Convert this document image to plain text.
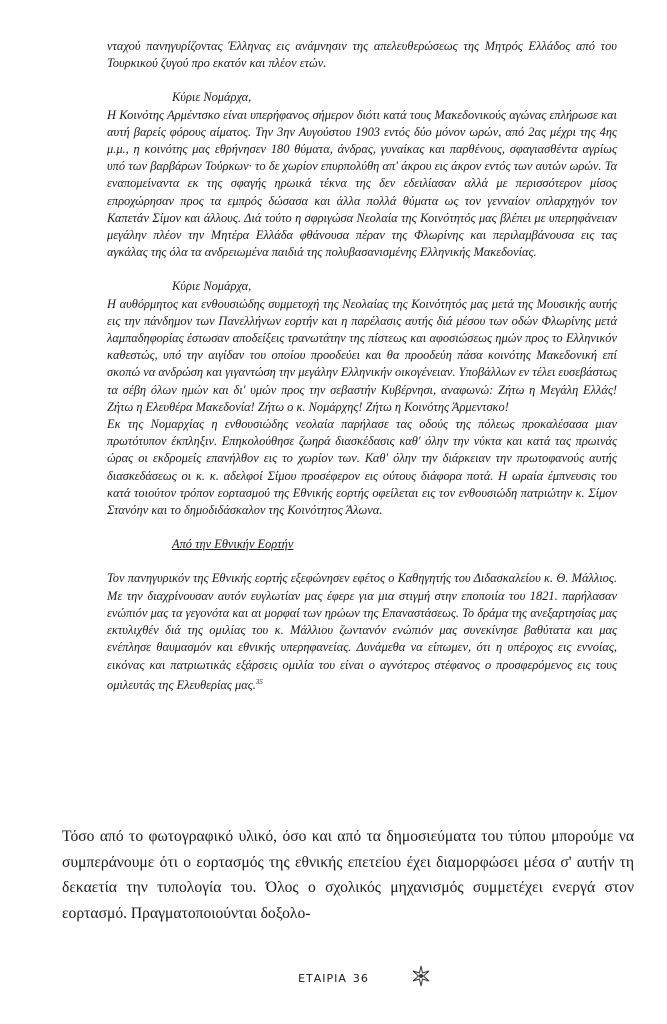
νταχού πανηγυρίζοντας Έλληνας εις ανάμνησιν της απελευθερώσεως της Μητρός Ελλάδος από του Τουρκικού ζυγού προ εκατόν και πλέον ετών.

Κύριε Νομάρχα,

Η Κοινότης Αρμέντσκο είναι υπερήφανος σήμερον διότι κατά τους Μακεδονικούς αγώνας επλήρωσε και αυτή βαρείς φόρους αίματος. Την 3ην Αυγούστου 1903 εντός δύο μόνον ωρών, από 2ας μέχρι της 4ης μ.μ., η κοινότης μας εθρήνησεν 180 θύματα, άνδρας, γυναίκας και παρθένους, σφαγιασθέντα αγρίως υπό των βαρβάρων Τούρκων· το δε χωρίον επυρπολύθη απ' άκρου εις άκρον εντός των αυτών ωρών. Τα εναπομείναντα εκ της σφαγής ηρωικά τέκνα της δεν εδειλίασαν αλλά με περισσότερον μίσος επροχώρησαν προς τα εμπρός δώσασα και άλλα πολλά θύματα ως τον γενναίον οπλαρχηγόν τον Καπετάν Σίμον και άλλους. Διά τούτο η σφριγώσα Νεολαία της Κοινότητός μας βλέπει με υπερηφάνειαν μεγάλην πλέον την Μητέρα Ελλάδα φθάνουσα πέραν της Φλωρίνης και περιλαμβάνουσα εις τας αγκάλας της όλα τα ανδρειωμένα παιδιά της πολυβασανισμένης Ελληνικής Μακεδονίας.

Κύριε Νομάρχα,

Η αυθόρμητος και ενθουσιώδης συμμετοχή της Νεολαίας της Κοινότητός μας μετά της Μουσικής αυτής εις την πάνδημον των Πανελλήνων εορτήν και η παρέλασις αυτής διά μέσου των οδών Φλωρίνης μετά λαμπαδηφορίας έστωσαν αποδείξεις τρανωτάτην της πίστεως και αφοσιώσεως ημών προς το Ελληνικόν καθεστώς, υπό την αιγίδαν του οποίου προοδεύει και θα προοδεύη πάσα κοινότης Μακεδονική επί σκοπώ να ανδρώση και γιγαντώση την μεγάλην Ελληνικήν οικογένειαν. Υποβάλλων εν τέλει ευσεβάστως τα σέβη όλων ημών και δι' υμών προς την σεβαστήν Κυβέρνησι, αναφωνώ: Ζήτω η Μεγάλη Ελλάς! Ζήτω η Ελευθέρα Μακεδονία! Ζήτω ο κ. Νομάρχης! Ζήτω η Κοινότης Άρμεντσκο!

Εκ της Νομαρχίας η ενθουσιώδης νεολαία παρήλασε τας οδούς της πόλεως προκαλέσασα μιαν πρωτότυπον έκπληξιν. Επηκολούθησε ζωηρά διασκέδασις καθ' όλην την νύκτα και κατά τας πρωινάς ώρας οι εκδρομείς επανήλθον εις το χωρίον των. Καθ' όλην την διάρκειαν την πρωτοφανούς αυτής διασκεδάσεως οι κ. κ. αδελφοί Σίμου προσέφερον εις ούτους διάφορα ποτά. Η ωραία έμπνευσις του κατά τοιούτον τρόπον εορτασμού της Εθνικής εορτής οφείλεται εις τον ενθουσιώδη πατριώτην κ. Σίμον Στανόην και το δημοδιδάσκαλον της Κοινότητος Άλωνα.

Από την Εθνικήν Εορτήν

Τον πανηγυρικόν της Εθνικής εορτής εξεφώνησεν εφέτος ο Καθηγητής του Διδασκαλείου κ. Θ. Μάλλιος. Με την διαχρίνουσαν αυτόν ευγλωτίαν μας έφερε για μια στιγμή στην εποποιία του 1821. παρήλασαν ενώπιόν μας τα γεγονότα και αι μορφαί των ηρώων της Επαναστάσεως. Το δράμα της ανεξαρτησίας μας εκτυλιχθέν διά της ομιλίας του κ. Μάλλιου ζωντανόν ενώπιόν μας συνεκίνησε βαθύτατα και μας ενέπλησε θαυμασμόν και εθνικής υπερηφανείας. Δυνάμεθα να είπωμεν, ότι η υπέροχος εις εννοίας, εικόνας και πατριωτικάς εξάρσεις ομιλία του είναι ο αγνότερος στέφανος ο προσφερόμενος εις τους ομιλευτάς της Ελευθερίας μας.$^{35}$

Τόσο από το φωτογραφικό υλικό, όσο και από τα δημοσιεύματα του τύπου μπορούμε να συμπεράνουμε ότι ο εορτασμός της εθνικής επετείου έχει διαμορφώσει μέσα σ' αυτήν τη δεκαετία την τυπολογία του. Όλος ο σχολικός μηχανισμός συμμετέχει ενεργά στον εορτασμό. Πραγματοποιούνται δοξολο-

ΕΤΑΙΡΙΑ 36
